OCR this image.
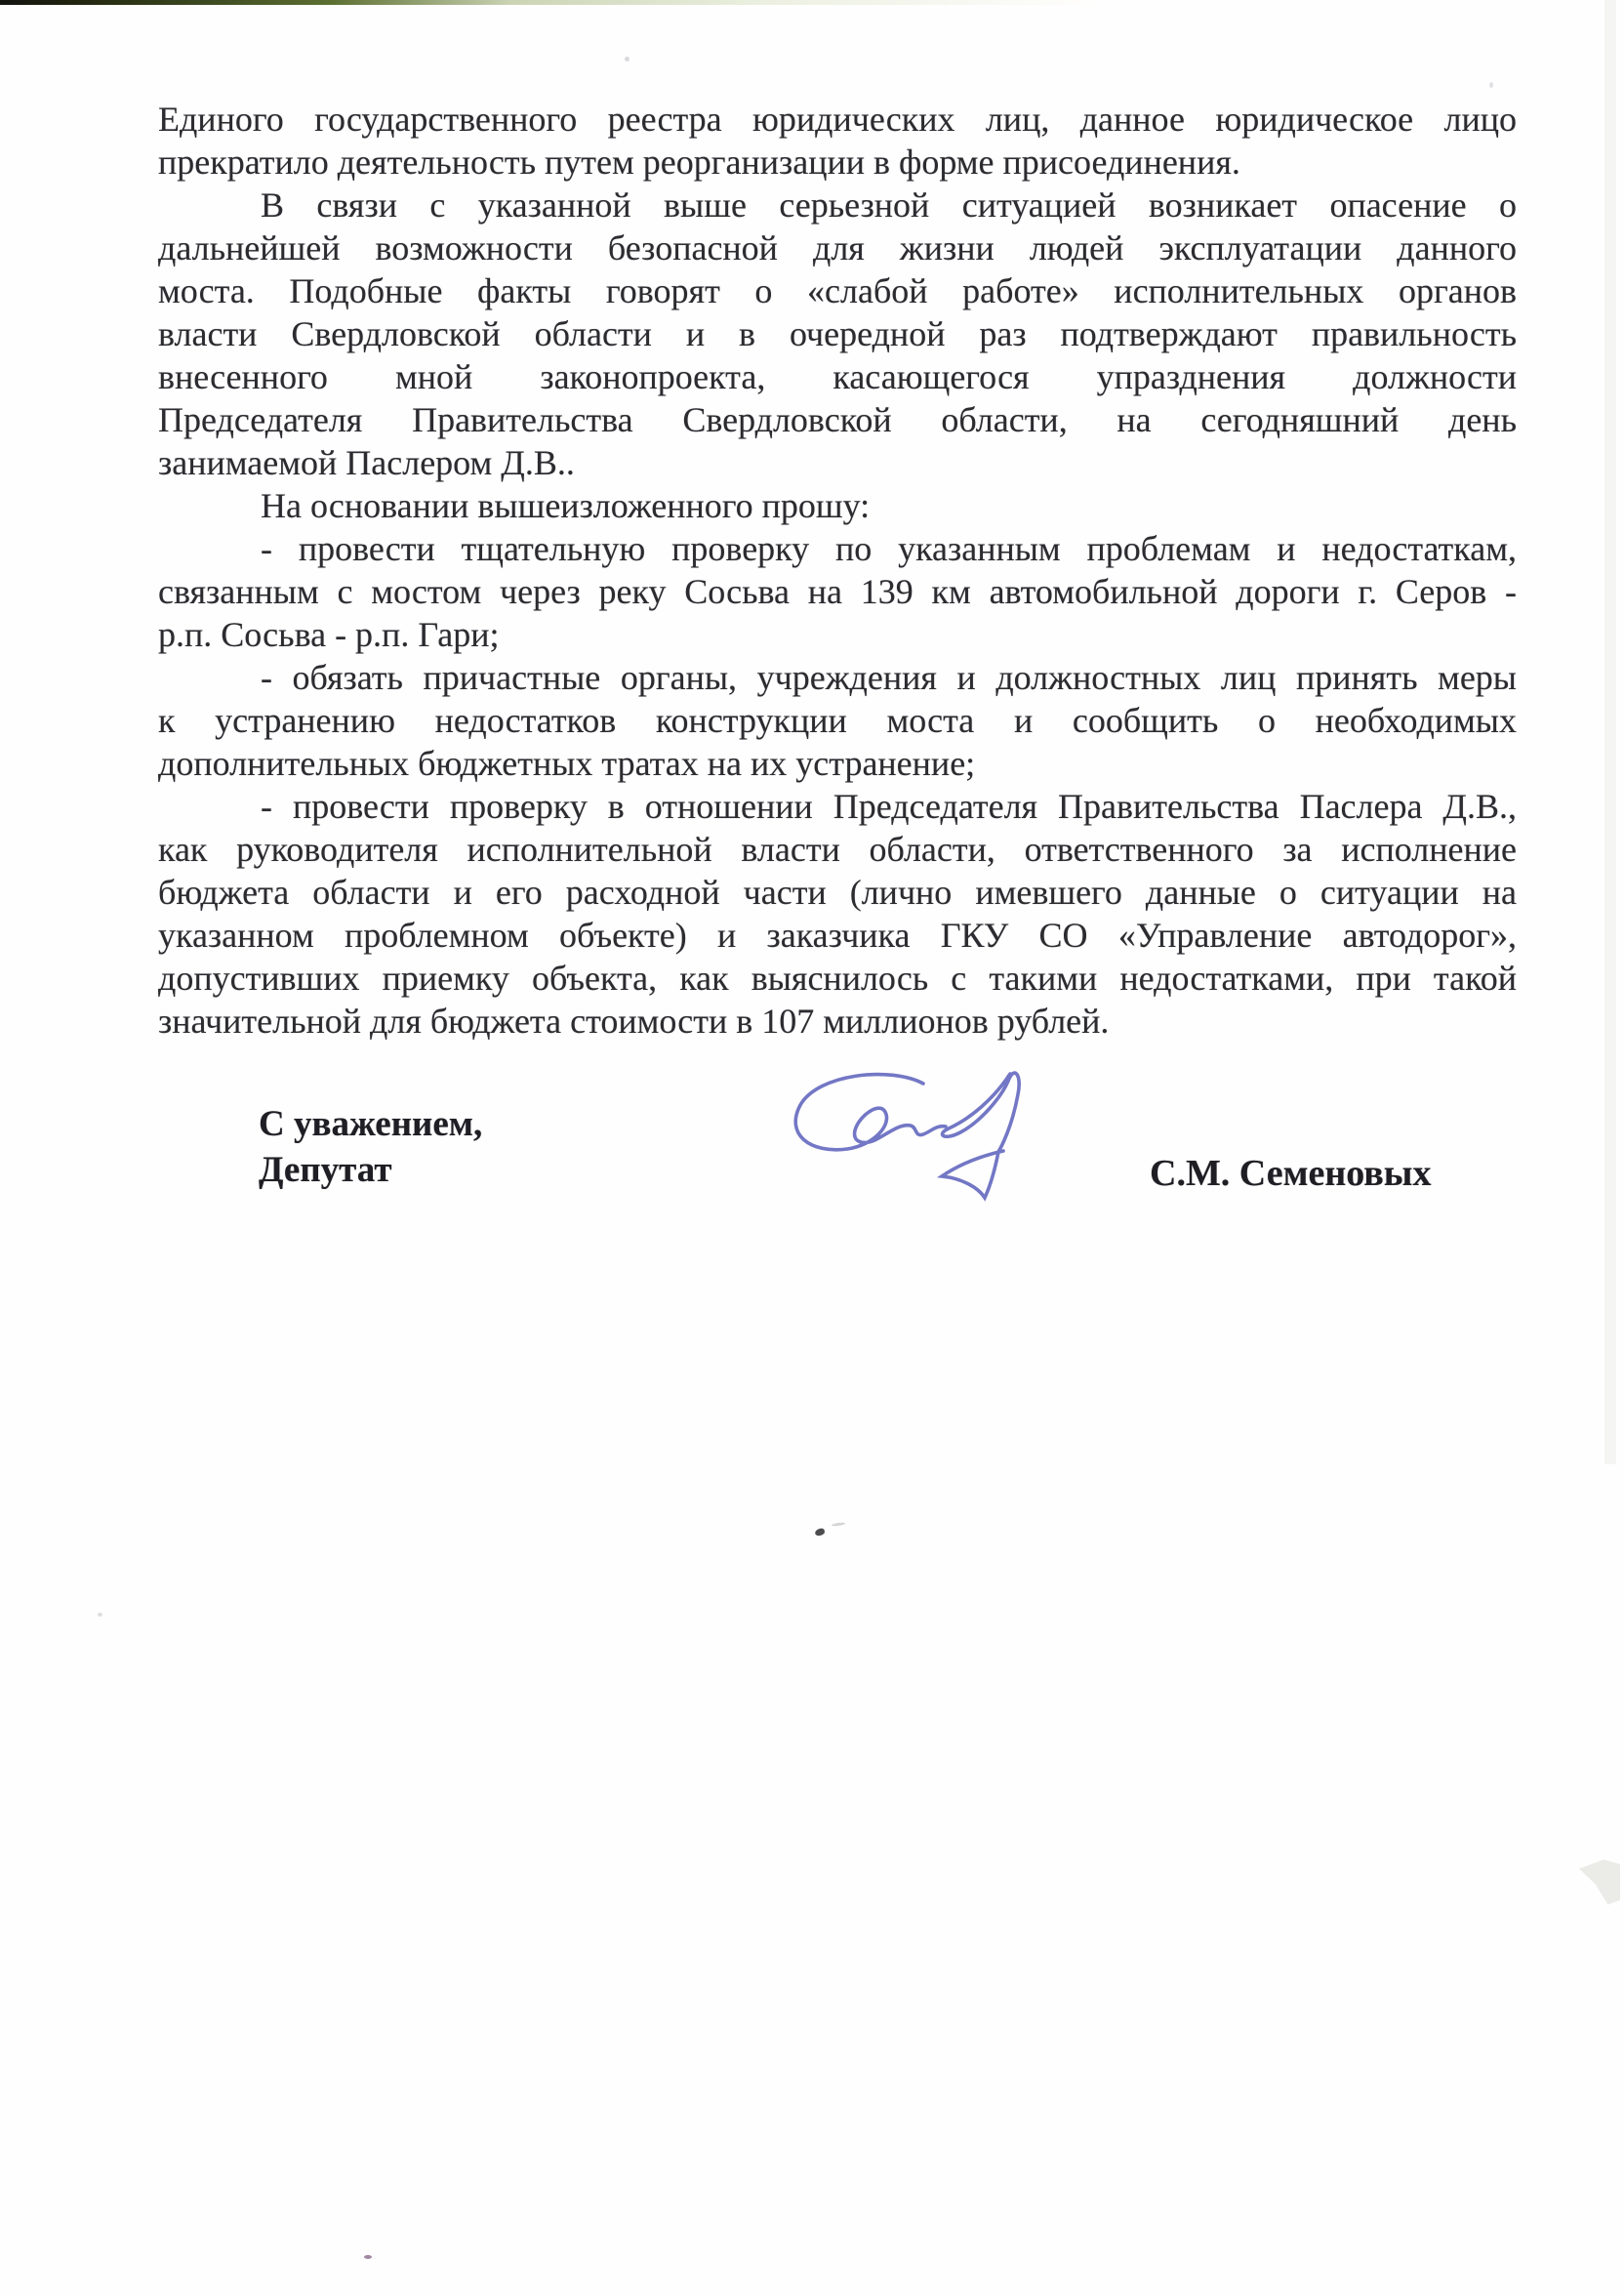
Единого государственного реестра юридических лиц, данное юридическое лицо
прекратило деятельность путем реорганизации в форме присоединения.
В связи с указанной выше серьезной ситуацией возникает опасение о
дальнейшей возможности безопасной для жизни людей эксплуатации данного
моста. Подобные факты говорят о «слабой работе» исполнительных органов
власти Свердловской области и в очередной раз подтверждают правильность
внесенного мной законопроекта, касающегося упразднения должности
Председателя Правительства Свердловской области, на сегодняшний день
занимаемой Паслером Д.В..
На основании вышеизложенного прошу:
- провести тщательную проверку по указанным проблемам и недостаткам,
связанным с мостом через реку Сосьва на 139 км автомобильной дороги г. Серов -
р.п. Сосьва - р.п. Гари;
- обязать причастные органы, учреждения и должностных лиц принять меры
к устранению недостатков конструкции моста и сообщить о необходимых
дополнительных бюджетных тратах на их устранение;
- провести проверку в отношении Председателя Правительства Паслера Д.В.,
как руководителя исполнительной власти области, ответственного за исполнение
бюджета области и его расходной части (лично имевшего данные о ситуации на
указанном проблемном объекте) и заказчика ГКУ СО «Управление автодорог»,
допустивших приемку объекта, как выяснилось с такими недостатками, при такой
значительной для бюджета стоимости в 107 миллионов рублей.
С уважением,
Депутат	С.М. Семеновых
